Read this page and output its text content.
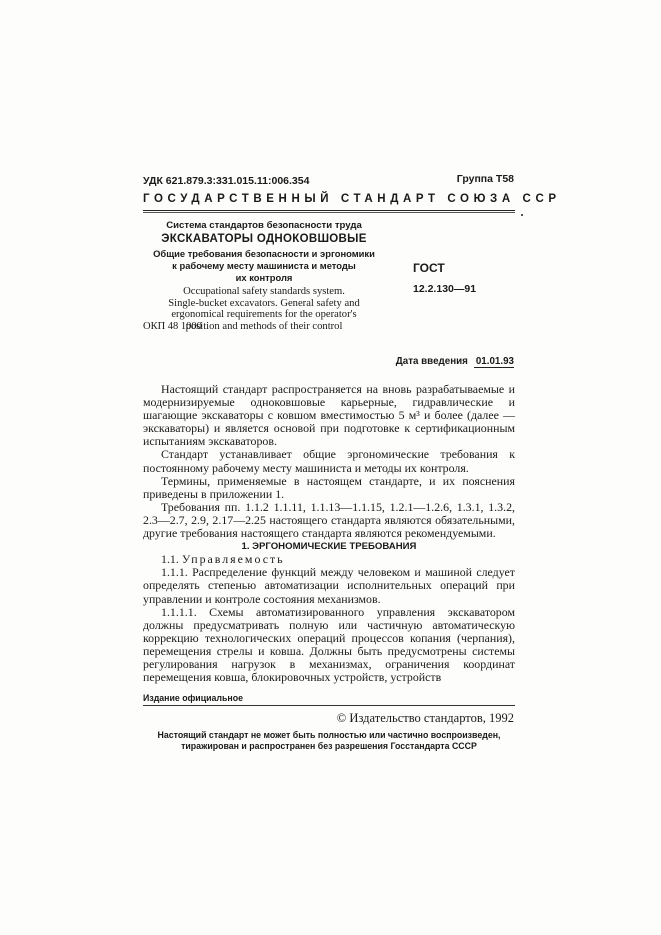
УДК 621.879.3:331.015.11:006.354	Группа Т58
ГОСУДАРСТВЕННЫЙ СТАНДАРТ СОЮЗА ССР
Система стандартов безопасности труда
ЭКСКАВАТОРЫ ОДНОКОВШОВЫЕ
Общие требования безопасности и эргономики
к рабочему месту машиниста и методы
их контроля
Occupational safety standards system.
Single-bucket excavators. General safety and
ergonomical requirements for the operator's
position and methods of their control
ОКП 48 1000
ГОСТ
12.2.130—91
Дата введения 01.01.93

Настоящий стандарт распространяется на вновь разрабатываемые и модернизируемые одноковшовые карьерные, гидравлические и шагающие экскаваторы с ковшом вместимостью 5 м³ и более (далее — экскаваторы) и является основой при подготовке к сертификационным испытаниям экскаваторов.

Стандарт устанавливает общие эргономические требования к постоянному рабочему месту машиниста и методы их контроля.

Термины, применяемые в настоящем стандарте, и их пояснения приведены в приложении 1.

Требования пп. 1.1.2 1.1.11, 1.1.13—1.1.15, 1.2.1—1.2.6, 1.3.1, 1.3.2, 2.3—2.7, 2.9, 2.17—2.25 настоящего стандарта являются обязательными, другие требования настоящего стандарта являются рекомендуемыми.

1. ЭРГОНОМИЧЕСКИЕ ТРЕБОВАНИЯ

1.1. Управляемость

1.1.1. Распределение функций между человеком и машиной следует определять степенью автоматизации исполнительных операций при управлении и контроле состояния механизмов.

1.1.1.1. Схемы автоматизированного управления экскаватором должны предусматривать полную или частичную автоматическую коррекцию технологических операций процессов копания (черпания), перемещения стрелы и ковша. Должны быть предусмотрены системы регулирования нагрузок в механизмах, ограничения координат перемещения ковша, блокировочных устройств, устройств

Издание официальное
© Издательство стандартов, 1992
Настоящий стандарт не может быть полностью или частично воспроизведен,
тиражирован и распространен без разрешения Госстандарта СССР
